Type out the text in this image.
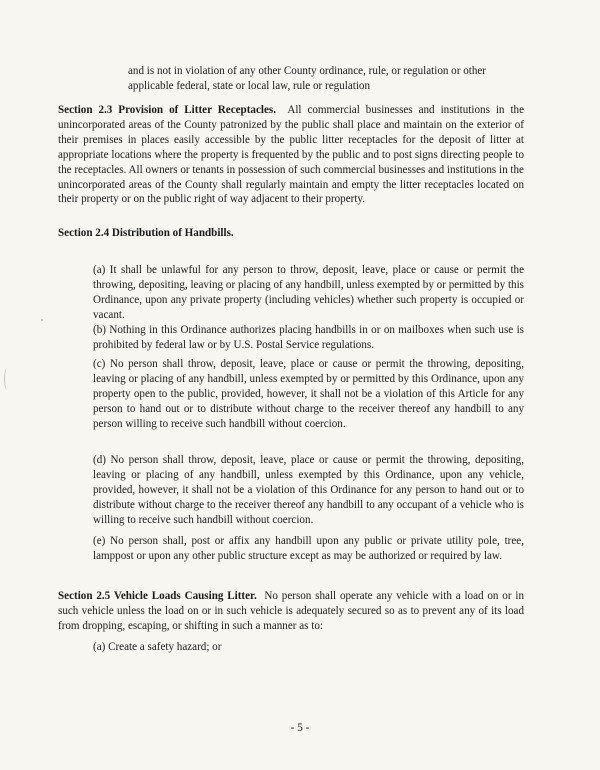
and is not in violation of any other County ordinance, rule, or regulation or other applicable federal, state or local law, rule or regulation

Section 2.3 Provision of Litter Receptacles. All commercial businesses and institutions in the unincorporated areas of the County patronized by the public shall place and maintain on the exterior of their premises in places easily accessible by the public litter receptacles for the deposit of litter at appropriate locations where the property is frequented by the public and to post signs directing people to the receptacles. All owners or tenants in possession of such commercial businesses and institutions in the unincorporated areas of the County shall regularly maintain and empty the litter receptacles located on their property or on the public right of way adjacent to their property.

Section 2.4 Distribution of Handbills.

(a) It shall be unlawful for any person to throw, deposit, leave, place or cause or permit the throwing, depositing, leaving or placing of any handbill, unless exempted by or permitted by this Ordinance, upon any private property (including vehicles) whether such property is occupied or vacant.

(b) Nothing in this Ordinance authorizes placing handbills in or on mailboxes when such use is prohibited by federal law or by U.S. Postal Service regulations.

(c) No person shall throw, deposit, leave, place or cause or permit the throwing, depositing, leaving or placing of any handbill, unless exempted by or permitted by this Ordinance, upon any property open to the public, provided, however, it shall not be a violation of this Article for any person to hand out or to distribute without charge to the receiver thereof any handbill to any person willing to receive such handbill without coercion.

(d) No person shall throw, deposit, leave, place or cause or permit the throwing, depositing, leaving or placing of any handbill, unless exempted by this Ordinance, upon any vehicle, provided, however, it shall not be a violation of this Ordinance for any person to hand out or to distribute without charge to the receiver thereof any handbill to any occupant of a vehicle who is willing to receive such handbill without coercion.

(e) No person shall, post or affix any handbill upon any public or private utility pole, tree, lamppost or upon any other public structure except as may be authorized or required by law.

Section 2.5 Vehicle Loads Causing Litter. No person shall operate any vehicle with a load on or in such vehicle unless the load on or in such vehicle is adequately secured so as to prevent any of its load from dropping, escaping, or shifting in such a manner as to:

(a) Create a safety hazard; or

- 5 -
